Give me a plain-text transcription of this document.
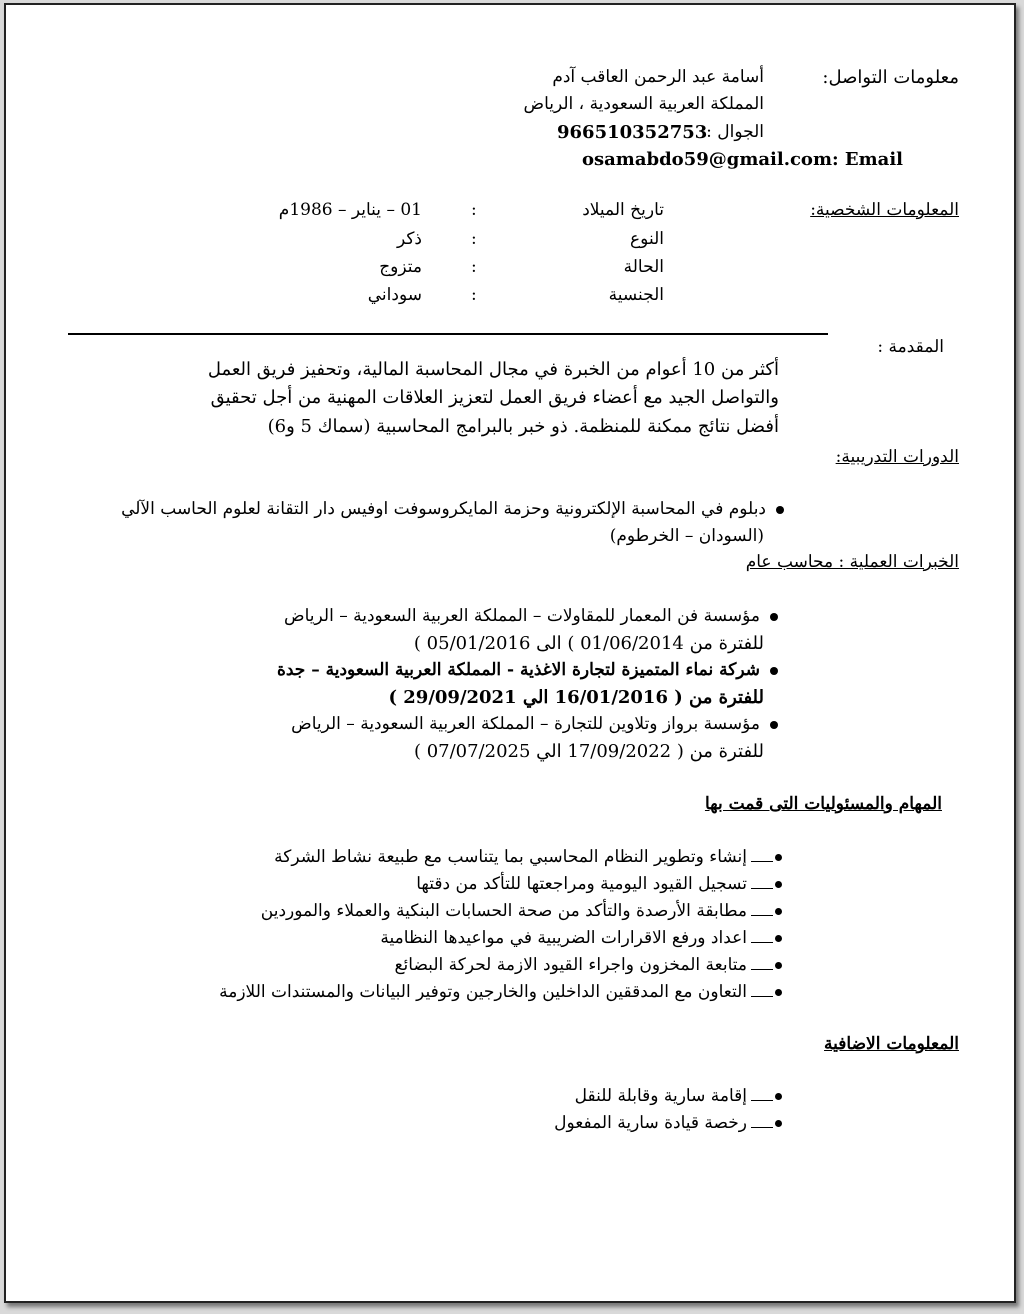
معلومات التواصل:
أسامة عبد الرحمن العاقب آدم
المملكة العربية السعودية ، الرياض
الجوال :
966510352753
osamabdo59@gmail.com: Email
المعلومات الشخصية:
تاريخ الميلاد
:
01 – يناير – 1986م
النوع
:
ذكر
الحالة
:
متزوج
الجنسية
:
سوداني
المقدمة :
أكثر من 10 أعوام من الخبرة في مجال المحاسبة المالية، وتحفيز فريق العمل
والتواصل الجيد مع أعضاء فريق العمل لتعزيز العلاقات المهنية من أجل تحقيق
أفضل نتائج ممكنة للمنظمة. ذو خبر بالبرامج المحاسبية (سماك 5 و6)
الدورات التدريبية:
دبلوم في المحاسبة الإلكترونية وحزمة المايكروسوفت اوفيس دار التقانة لعلوم الحاسب الآلي
(السودان – الخرطوم)
الخبرات العملية : محاسب عام
مؤسسة فن المعمار للمقاولات – المملكة العربية السعودية – الرياض
للفترة من 01/06/2014 ) الى 05/01/2016 )
شركة نماء المتميزة لتجارة الاغذية - المملكة العربية السعودية – جدة
للفترة من ( 16/01/2016 الي 29/09/2021 )
مؤسسة برواز وتلاوين للتجارة – المملكة العربية السعودية – الرياض
للفترة من ( 17/09/2022 الي 07/07/2025 )
المهام والمسئوليات التى قمت بها
إنشاء وتطوير النظام المحاسبي بما يتناسب مع طبيعة نشاط الشركة
تسجيل القيود اليومية ومراجعتها للتأكد من دقتها
مطابقة الأرصدة والتأكد من صحة الحسابات البنكية والعملاء والموردين
اعداد ورفع الاقرارات الضريبية في مواعيدها النظامية
متابعة المخزون واجراء القيود الازمة لحركة البضائع
التعاون مع المدققين الداخلين والخارجين وتوفير البيانات والمستندات اللازمة
المعلومات الاضافية
إقامة سارية وقابلة للنقل
رخصة قيادة سارية المفعول
